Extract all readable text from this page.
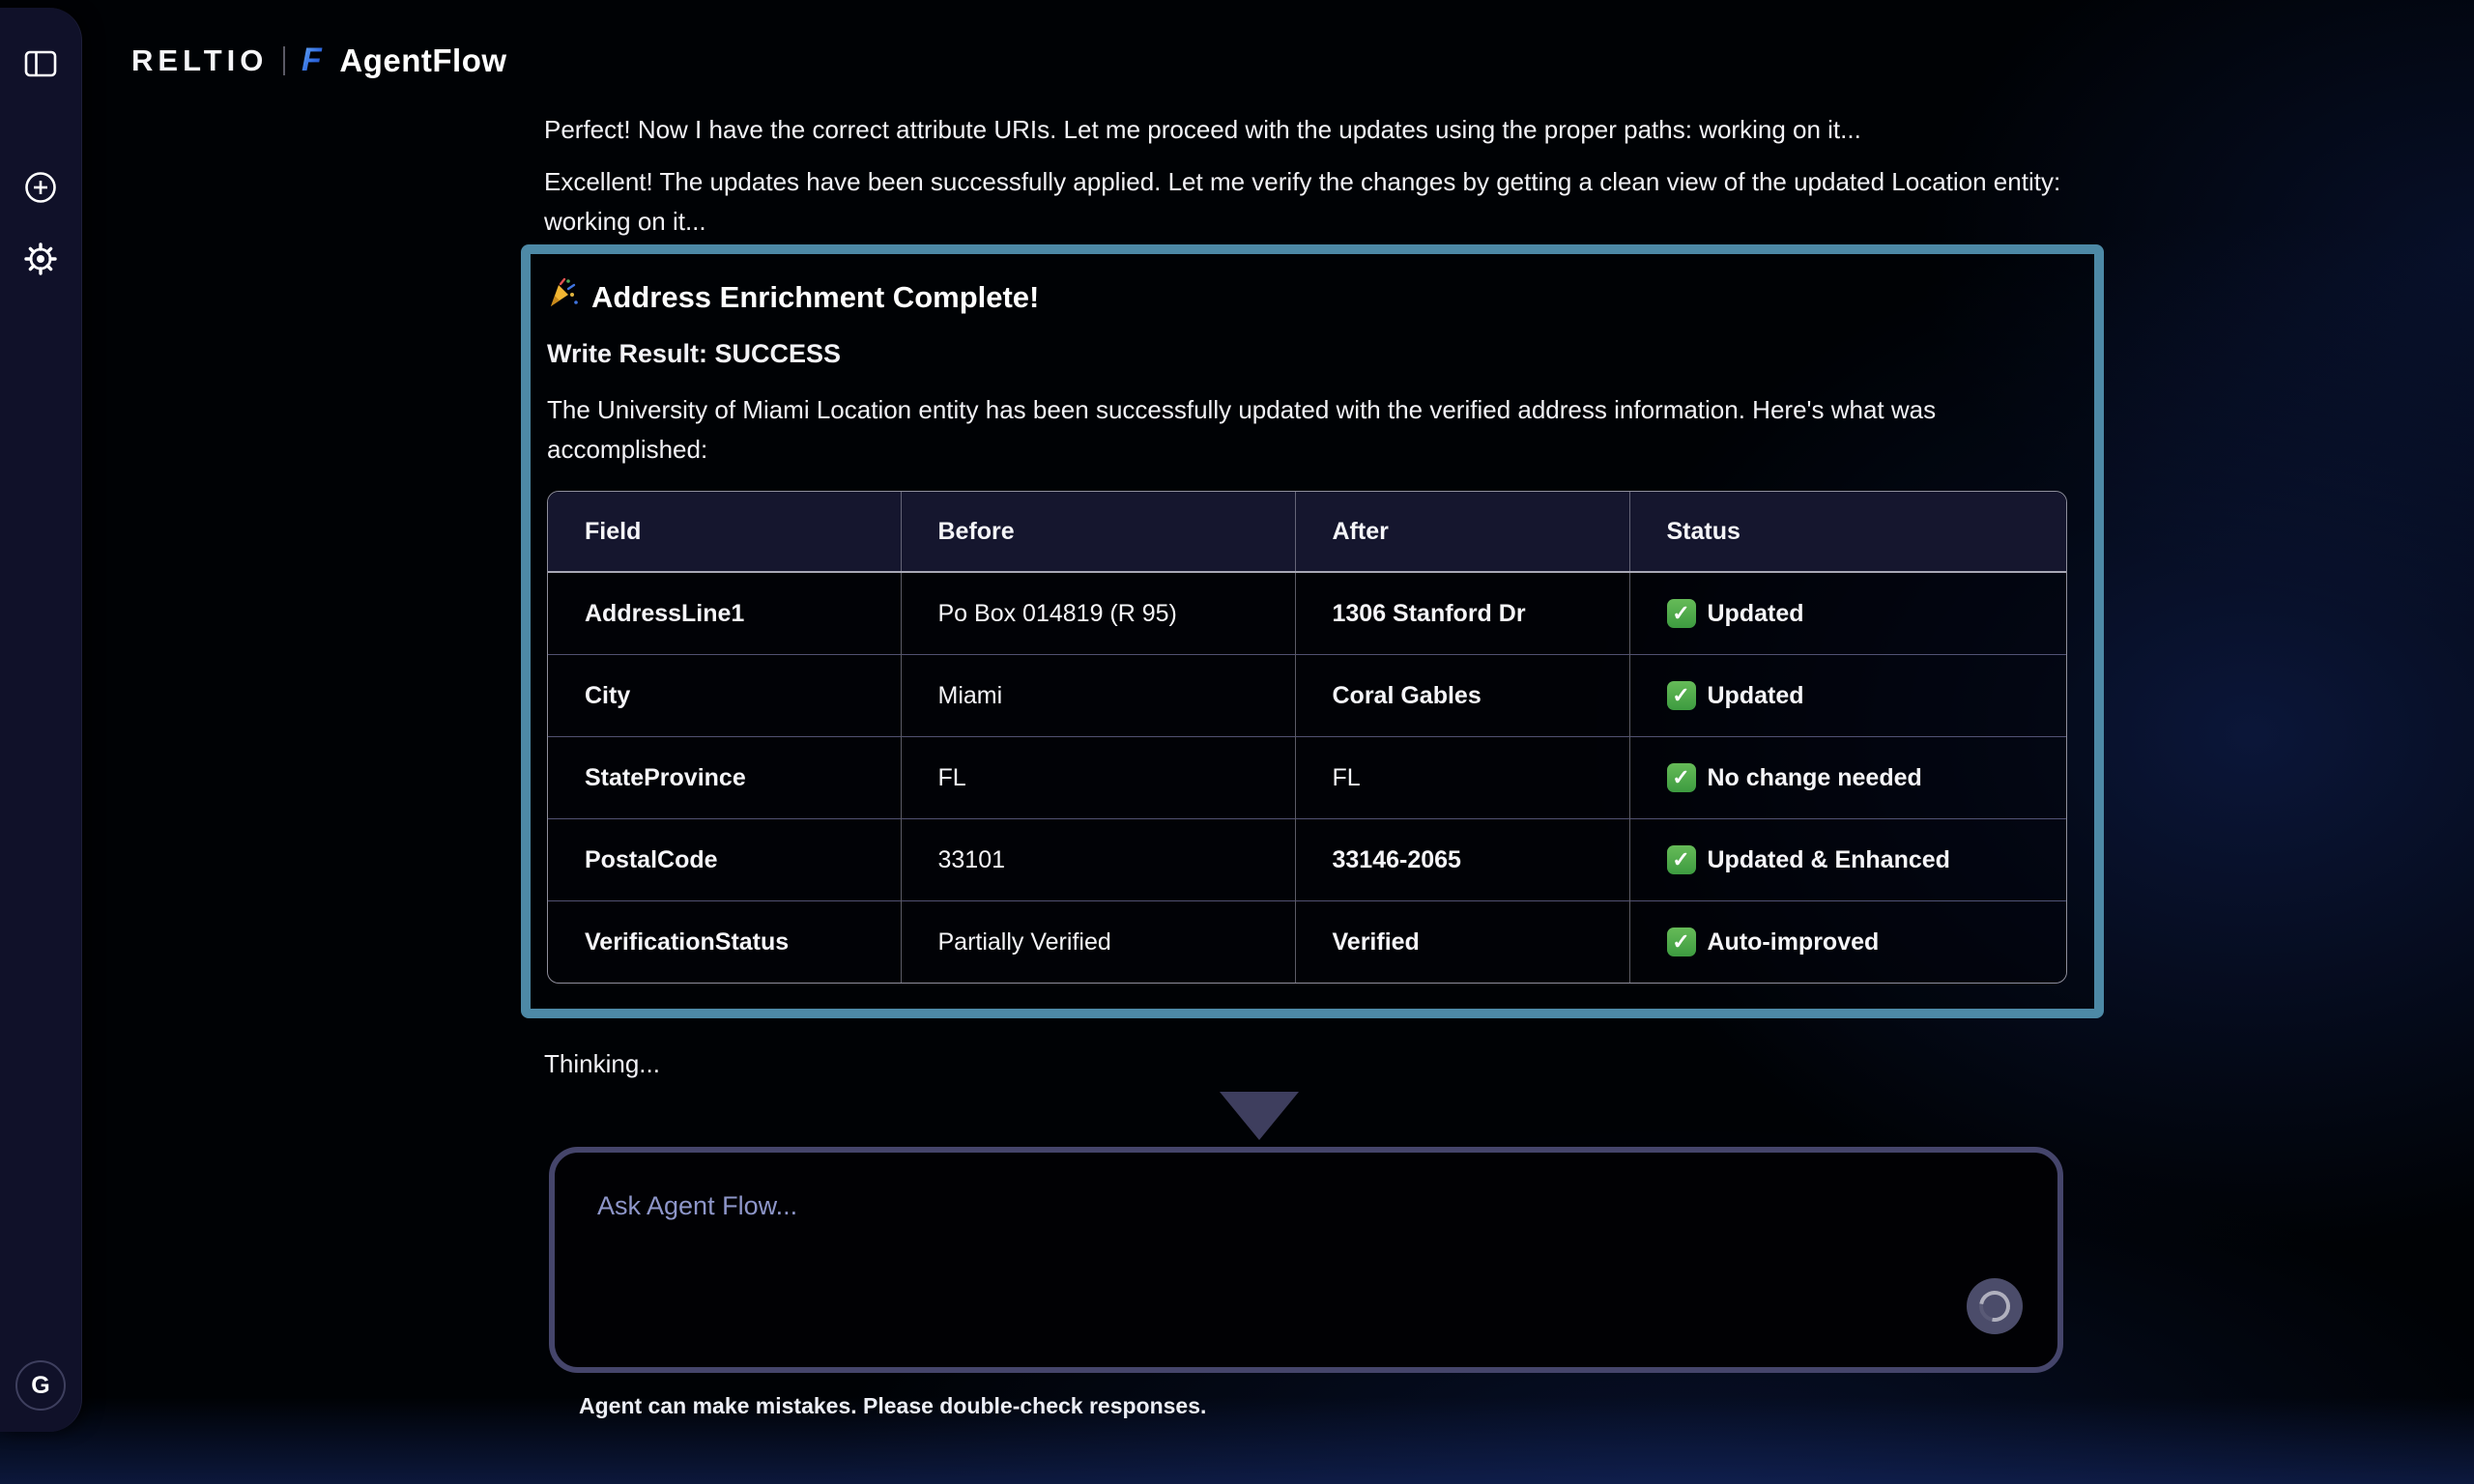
G
RELTIO F AgentFlow
Perfect! Now I have the correct attribute URIs. Let me proceed with the updates using the proper paths: working on it...
Excellent! The updates have been successfully applied. Let me verify the changes by getting a clean view of the updated Location entity: working on it...
Address Enrichment Complete!

Write Result: SUCCESS

The University of Miami Location entity has been successfully updated with the verified address information. Here's what was accomplished:

Field	Before	After	Status
AddressLine1	Po Box 014819 (R 95)	1306 Stanford Dr	✓ Updated

City	Miami	Coral Gables	✓ Updated

StateProvince	FL	FL	✓ No change needed

PostalCode	33101	33146-2065	✓ Updated & Enhanced

VerificationStatus	Partially Verified	Verified	✓ Auto-improved
Thinking...
Ask Agent Flow...
Agent can make mistakes. Please double-check responses.
